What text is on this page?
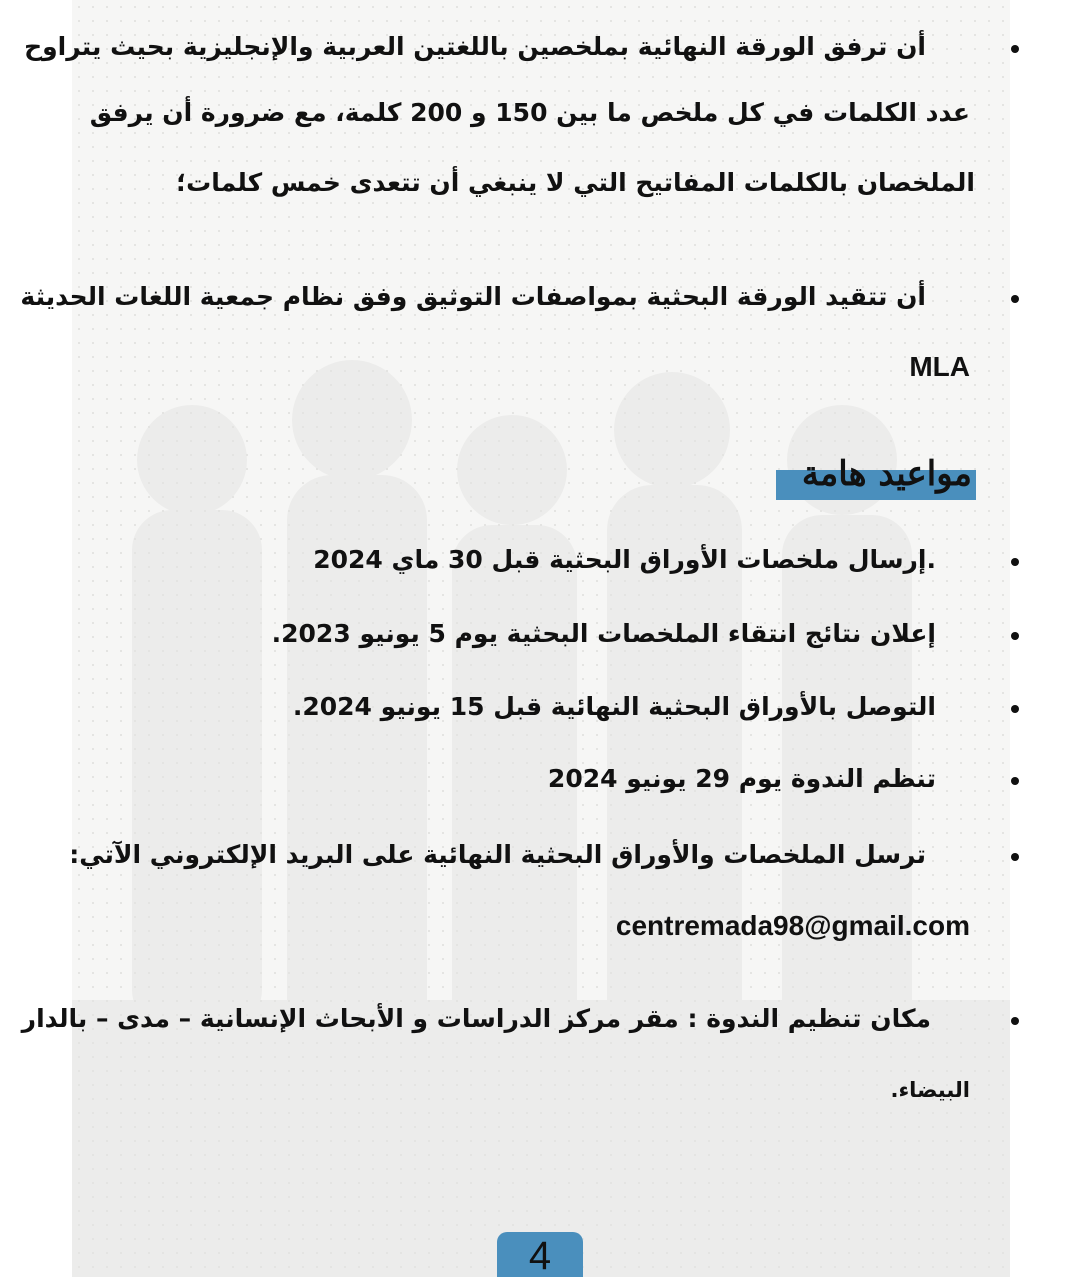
أن ترفق الورقة النهائية بملخصين باللغتين العربية والإنجليزية بحيث يتراوح
عدد الكلمات في كل ملخص ما بين 150 و 200 كلمة، مع ضرورة أن يرفق
الملخصان بالكلمات المفاتيح التي لا ينبغي أن تتعدى خمس كلمات؛
أن تتقيد الورقة البحثية بمواصفات التوثيق وفق نظام جمعية اللغات الحديثة
MLA
مواعيد هامة
.إرسال ملخصات الأوراق البحثية قبل 30 ماي 2024
إعلان نتائج انتقاء الملخصات البحثية يوم 5 يونيو 2023.
التوصل بالأوراق البحثية النهائية قبل 15 يونيو 2024.
تنظم الندوة يوم 29 يونيو 2024
ترسل الملخصات والأوراق البحثية النهائية على البريد الإلكتروني الآتي:
centremada98@gmail.com
مكان تنظيم الندوة : مقر مركز الدراسات و الأبحاث الإنسانية – مدى – بالدار
البيضاء.
4
